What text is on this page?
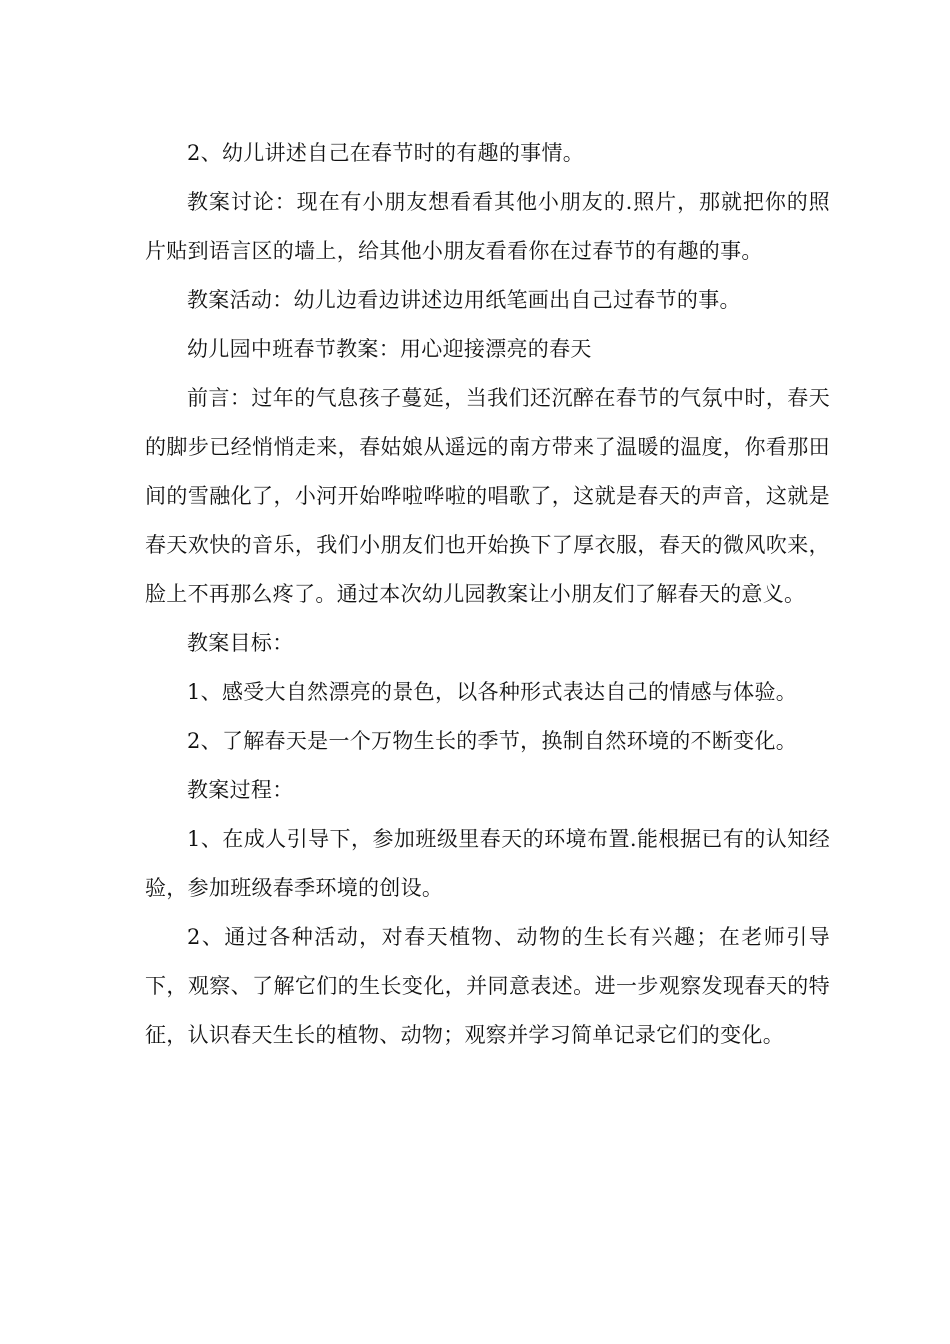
2、幼儿讲述自己在春节时的有趣的事情。

教案讨论：现在有小朋友想看看其他小朋友的.照片，那就把你的照片贴到语言区的墙上，给其他小朋友看看你在过春节的有趣的事。

教案活动：幼儿边看边讲述边用纸笔画出自己过春节的事。

幼儿园中班春节教案：用心迎接漂亮的春天

前言：过年的气息孩子蔓延，当我们还沉醉在春节的气氛中时，春天的脚步已经悄悄走来，春姑娘从遥远的南方带来了温暖的温度，你看那田间的雪融化了，小河开始哗啦哗啦的唱歌了，这就是春天的声音，这就是春天欢快的音乐，我们小朋友们也开始换下了厚衣服，春天的微风吹来，脸上不再那么疼了。通过本次幼儿园教案让小朋友们了解春天的意义。

教案目标：

1、感受大自然漂亮的景色，以各种形式表达自己的情感与体验。

2、了解春天是一个万物生长的季节，换制自然环境的不断变化。

教案过程：

1、在成人引导下，参加班级里春天的环境布置.能根据已有的认知经验，参加班级春季环境的创设。

2、通过各种活动，对春天植物、动物的生长有兴趣；在老师引导下，观察、了解它们的生长变化，并同意表述。进一步观察发现春天的特征，认识春天生长的植物、动物；观察并学习简单记录它们的变化。
